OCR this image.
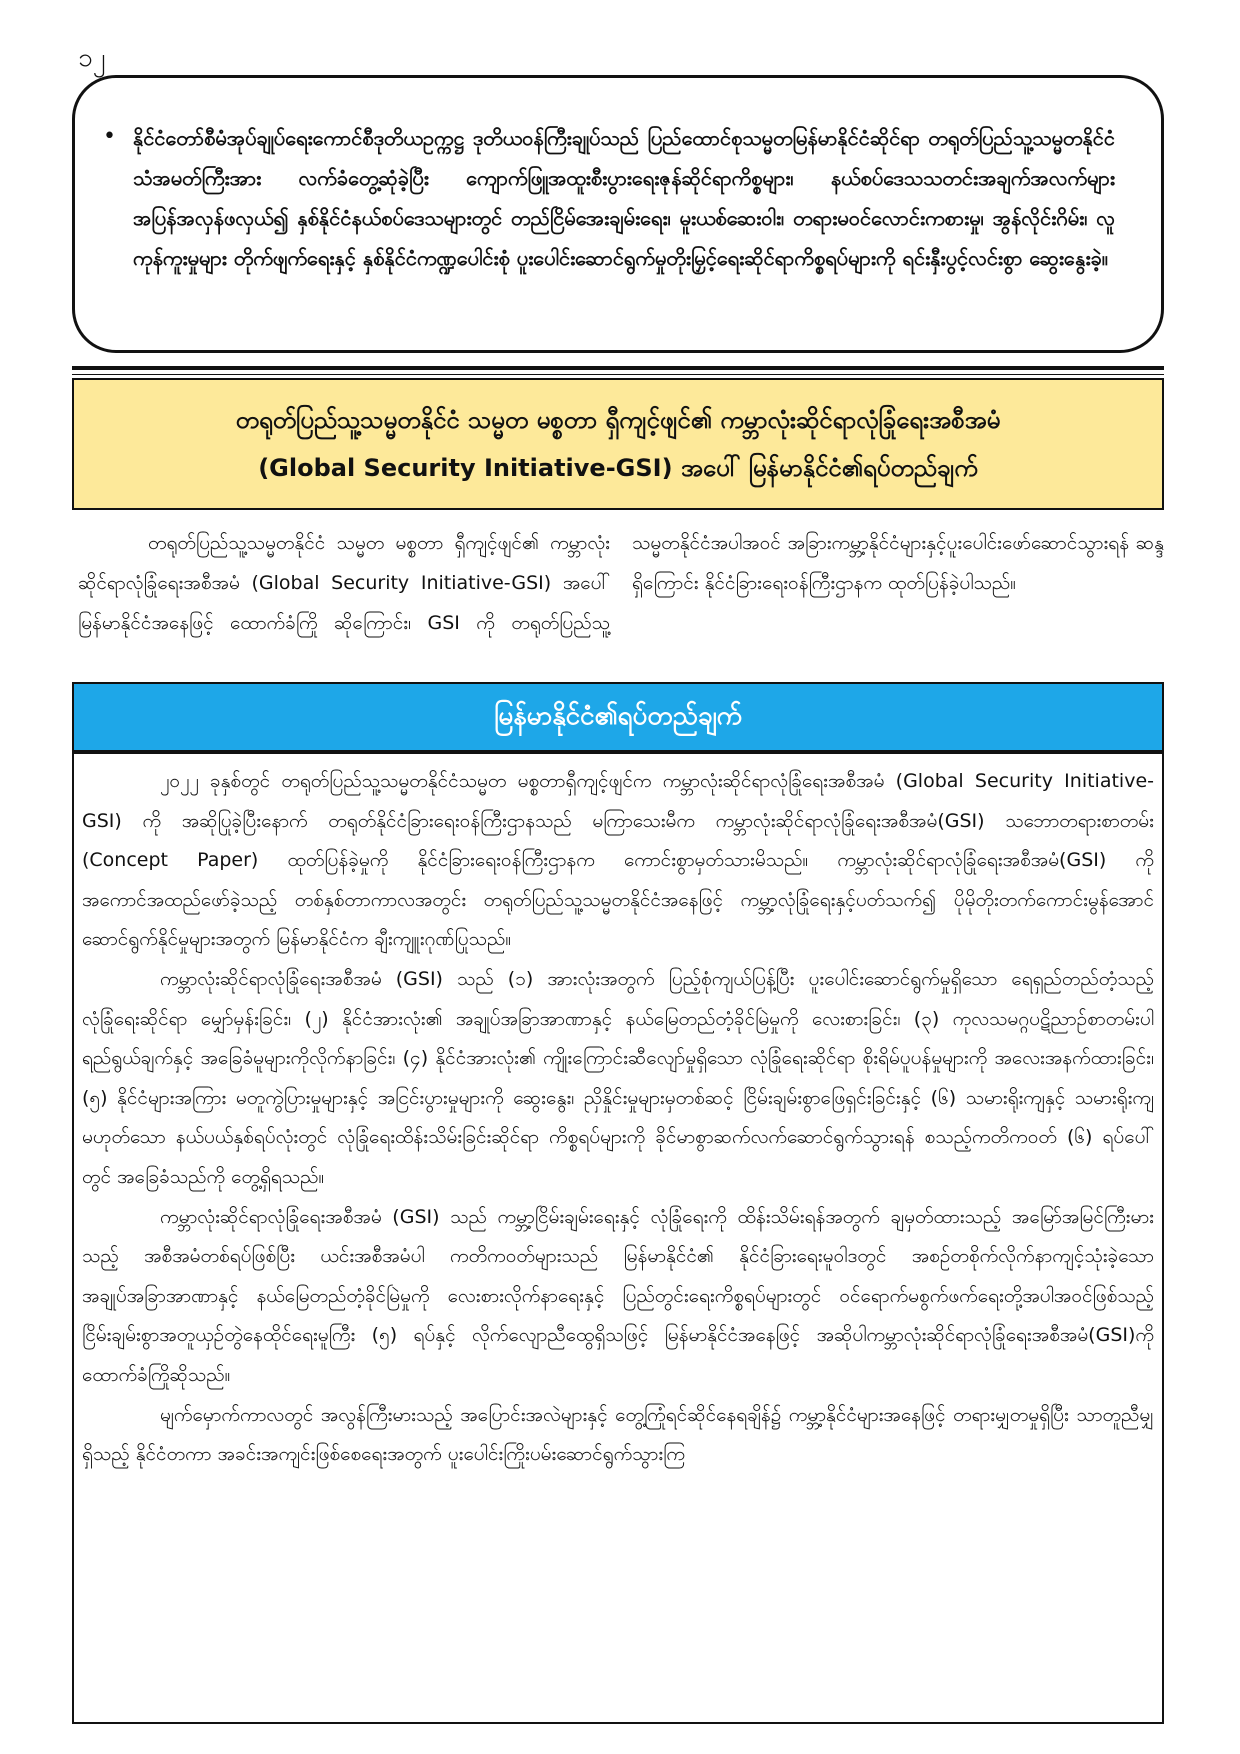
၁၂
• နိုင်ငံတော်စီမံအုပ်ချုပ်ရေးကောင်စီဒုတိယဥက္ကဋ္ဌ ဒုတိယဝန်ကြီးချုပ်သည် ပြည်ထောင်စုသမ္မတမြန်မာနိုင်ငံဆိုင်ရာ တရုတ်ပြည်သူ့သမ္မတနိုင်ငံ သံအမတ်ကြီးအား လက်ခံတွေ့ဆုံခဲ့ပြီး ကျောက်ဖြူအထူးစီးပွားရေးဇုန်ဆိုင်ရာကိစ္စများ၊ နယ်စပ်ဒေသသတင်းအချက်အလက်များ အပြန်အလှန်ဖလှယ်၍ နှစ်နိုင်ငံနယ်စပ်ဒေသများတွင် တည်ငြိမ်အေးချမ်းရေး၊ မူးယစ်ဆေးဝါး၊ တရားမဝင်လောင်းကစားမှု၊ အွန်လိုင်းဂိမ်း၊ လူကုန်ကူးမှုများ တိုက်ဖျက်ရေးနှင့် နှစ်နိုင်ငံကဏ္ဍပေါင်းစုံ ပူးပေါင်းဆောင်ရွက်မှုတိုးမြှင့်ရေးဆိုင်ရာကိစ္စရပ်များကို ရင်းနှီးပွင့်လင်းစွာ ဆွေးနွေးခဲ့။

တရုတ်ပြည်သူ့သမ္မတနိုင်ငံ သမ္မတ မစ္စတာ ရှီကျင့်ဖျင်၏ ကမ္ဘာလုံးဆိုင်ရာလုံခြုံရေးအစီအမံ
(Global Security Initiative-GSI) အပေါ် မြန်မာနိုင်ငံ၏ရပ်တည်ချက်

တရုတ်ပြည်သူ့သမ္မတနိုင်ငံ သမ္မတ မစ္စတာ ရှီကျင့်ဖျင်၏ ကမ္ဘာလုံးဆိုင်ရာလုံခြုံရေးအစီအမံ (Global Security Initiative-GSI) အပေါ် မြန်မာနိုင်ငံအနေဖြင့် ထောက်ခံကြို ဆိုကြောင်း၊ GSI ကို တရုတ်ပြည်သူ့သမ္မတနိုင်ငံအပါအဝင် အခြားကမ္ဘာ့နိုင်ငံများနှင့်ပူးပေါင်းဖော်ဆောင်သွားရန် ဆန္ဒရှိကြောင်း နိုင်ငံခြားရေးဝန်ကြီးဌာနက ထုတ်ပြန်ခဲ့ပါသည်။

မြန်မာနိုင်ငံ၏ရပ်တည်ချက်

၂၀၂၂ ခုနှစ်တွင် တရုတ်ပြည်သူ့သမ္မတနိုင်ငံသမ္မတ မစ္စတာရှီကျင့်ဖျင်က ကမ္ဘာလုံးဆိုင်ရာလုံခြုံရေးအစီအမံ (Global Security Initiative-GSI) ကို အဆိုပြုခဲ့ပြီးနောက် တရုတ်နိုင်ငံခြားရေးဝန်ကြီးဌာနသည် မကြာသေးမီက ကမ္ဘာလုံးဆိုင်ရာလုံခြုံရေးအစီအမံ(GSI) သဘောတရားစာတမ်း (Concept Paper) ထုတ်ပြန်ခဲ့မှုကို နိုင်ငံခြားရေးဝန်ကြီးဌာနက ကောင်းစွာမှတ်သားမိသည်။ ကမ္ဘာလုံးဆိုင်ရာလုံခြုံရေးအစီအမံ(GSI) ကို အကောင်အထည်ဖော်ခဲ့သည့် တစ်နှစ်တာကာလအတွင်း တရုတ်ပြည်သူ့သမ္မတနိုင်ငံအနေဖြင့် ကမ္ဘာ့လုံခြုံရေးနှင့်ပတ်သက်၍ ပိုမိုတိုးတက်ကောင်းမွန်အောင် ဆောင်ရွက်နိုင်မှုများအတွက် မြန်မာနိုင်ငံက ချီးကျူးဂုဏ်ပြုသည်။

ကမ္ဘာလုံးဆိုင်ရာလုံခြုံရေးအစီအမံ (GSI) သည် (၁) အားလုံးအတွက် ပြည့်စုံကျယ်ပြန့်ပြီး ပူးပေါင်းဆောင်ရွက်မှုရှိသော ရေရှည်တည်တံ့သည့် လုံခြုံရေးဆိုင်ရာ မျှော်မှန်းခြင်း၊ (၂) နိုင်ငံအားလုံး၏ အချုပ်အခြာအာဏာနှင့် နယ်မြေတည်တံ့ခိုင်မြဲမှုကို လေးစားခြင်း၊ (၃) ကုလသမဂ္ဂပဋိညာဉ်စာတမ်းပါ ရည်ရွယ်ချက်နှင့် အခြေခံမူများကိုလိုက်နာခြင်း၊ (၄) နိုင်ငံအားလုံး၏ ကျိုးကြောင်းဆီလျော်မှုရှိသော လုံခြုံရေးဆိုင်ရာ စိုးရိမ်ပူပန်မှုများကို အလေးအနက်ထားခြင်း၊ (၅) နိုင်ငံများအကြား မတူကွဲပြားမှုများနှင့် အငြင်းပွားမှုများကို ဆွေးနွေး၊ ညှိနှိုင်းမှုများမှတစ်ဆင့် ငြိမ်းချမ်းစွာဖြေရှင်းခြင်းနှင့် (၆) သမားရိုးကျနှင့် သမားရိုးကျမဟုတ်သော နယ်ပယ်နှစ်ရပ်လုံးတွင် လုံခြုံရေးထိန်းသိမ်းခြင်းဆိုင်ရာ ကိစ္စရပ်များကို ခိုင်မာစွာဆက်လက်ဆောင်ရွက်သွားရန် စသည့်ကတိကဝတ် (၆) ရပ်ပေါ် တွင် အခြေခံသည်ကို တွေ့ရှိရသည်။

ကမ္ဘာလုံးဆိုင်ရာလုံခြုံရေးအစီအမံ (GSI) သည် ကမ္ဘာ့ငြိမ်းချမ်းရေးနှင့် လုံခြုံရေးကို ထိန်းသိမ်းရန်အတွက် ချမှတ်ထားသည့် အမြော်အမြင်ကြီးမားသည့် အစီအမံတစ်ရပ်ဖြစ်ပြီး ယင်းအစီအမံပါ ကတိကဝတ်များသည် မြန်မာနိုင်ငံ၏ နိုင်ငံခြားရေးမူဝါဒတွင် အစဉ်တစိုက်လိုက်နာကျင့်သုံးခဲ့သော အချုပ်အခြာအာဏာနှင့် နယ်မြေတည်တံ့ခိုင်မြဲမှုကို လေးစားလိုက်နာရေးနှင့် ပြည်တွင်းရေးကိစ္စရပ်များတွင် ဝင်ရောက်မစွက်ဖက်ရေးတို့အပါအဝင်ဖြစ်သည့် ငြိမ်းချမ်းစွာအတူယှဉ်တွဲနေထိုင်ရေးမူကြီး (၅) ရပ်နှင့် လိုက်လျောညီထွေရှိသဖြင့် မြန်မာနိုင်ငံအနေဖြင့် အဆိုပါကမ္ဘာလုံးဆိုင်ရာလုံခြုံရေးအစီအမံ(GSI)ကို ထောက်ခံကြိုဆိုသည်။

မျက်မှောက်ကာလတွင် အလွန်ကြီးမားသည့် အပြောင်းအလဲများနှင့် တွေ့ကြုံရင်ဆိုင်နေရချိန်၌ ကမ္ဘာ့နိုင်ငံများအနေဖြင့် တရားမျှတမှုရှိပြီး သာတူညီမျှရှိသည့် နိုင်ငံတကာ အခင်းအကျင်းဖြစ်စေရေးအတွက် ပူးပေါင်းကြိုးပမ်းဆောင်ရွက်သွားကြ
